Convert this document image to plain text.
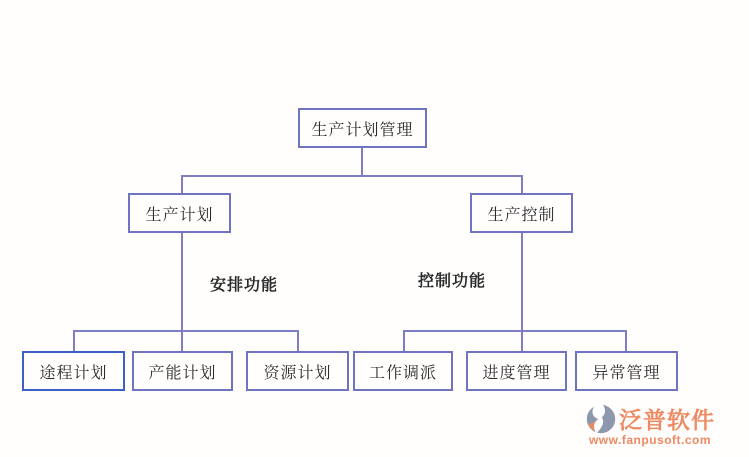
生产计划管理
生产计划	生产控制
途程计划	产能计划	资源计划	工作调派	进度管理	异常管理
安排功能	控制功能
泛普软件
www.fanpusoft.com
